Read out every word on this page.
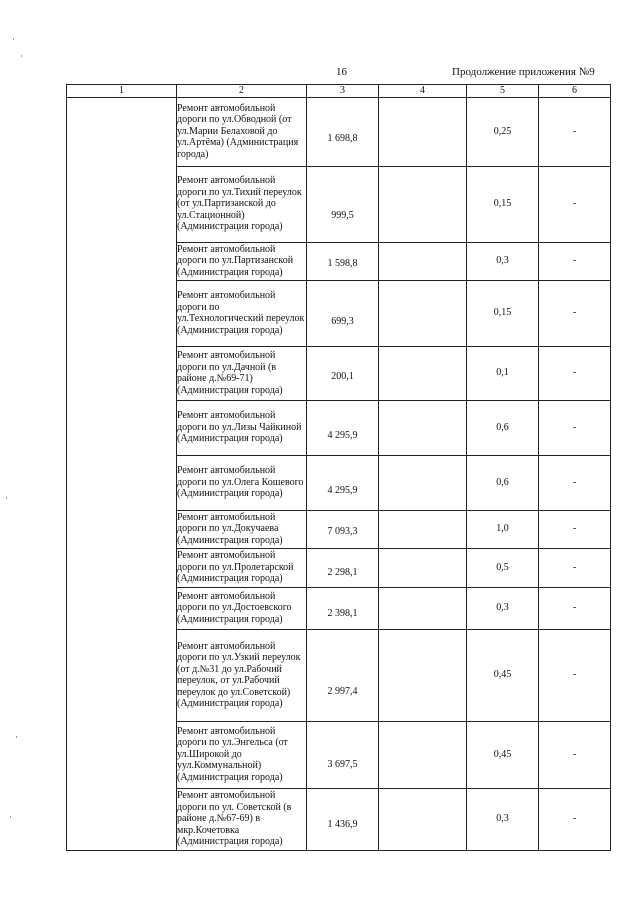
16	Продолжение приложения №9
1	2	3	4	5	6
	Ремонт автомобильной дороги по ул.Обводной (от ул.Марии Белаховой до ул.Артёма) (Администрация города)	1 698,8		0,25	-
	Ремонт автомобильной дороги по ул.Тихий переулок (от ул.Партизанской до ул.Стационной) (Администрация города)	999,5		0,15	-
	Ремонт автомобильной дороги по ул.Партизанской (Администрация города)	1 598,8		0,3	-
	Ремонт автомобильной дороги по ул.Технологический переулок (Администрация города)	699,3		0,15	-
	Ремонт автомобильной дороги по ул.Дачной (в районе д.№69-71) (Администрация города)	200,1		0,1	-
	Ремонт автомобильной дороги по ул.Лизы Чайкиной (Администрация города)	4 295,9		0,6	-
	Ремонт автомобильной дороги по ул.Олега Кошевого (Администрация города)	4 295,9		0,6	-
	Ремонт автомобильной дороги по ул.Докучаева (Администрация города)	7 093,3		1,0	-
	Ремонт автомобильной дороги по ул.Пролетарской (Администрация города)	2 298,1		0,5	-
	Ремонт автомобильной дороги по ул.Достоевского (Администрация города)	2 398,1		0,3	-
	Ремонт автомобильной дороги по ул.Узкий переулок (от д.№31 до ул.Рабочий переулок, от ул.Рабочий переулок до ул.Советской) (Администрация города)	2 997,4		0,45	-
	Ремонт автомобильной дороги по ул.Энгельса (от ул.Широкой до уул.Коммунальной) (Администрация города)	3 697,5		0,45	-
	Ремонт автомобильной дороги по ул. Советской (в районе д.№67-69) в мкр.Кочетовка (Администрация города)	1 436,9		0,3	-
